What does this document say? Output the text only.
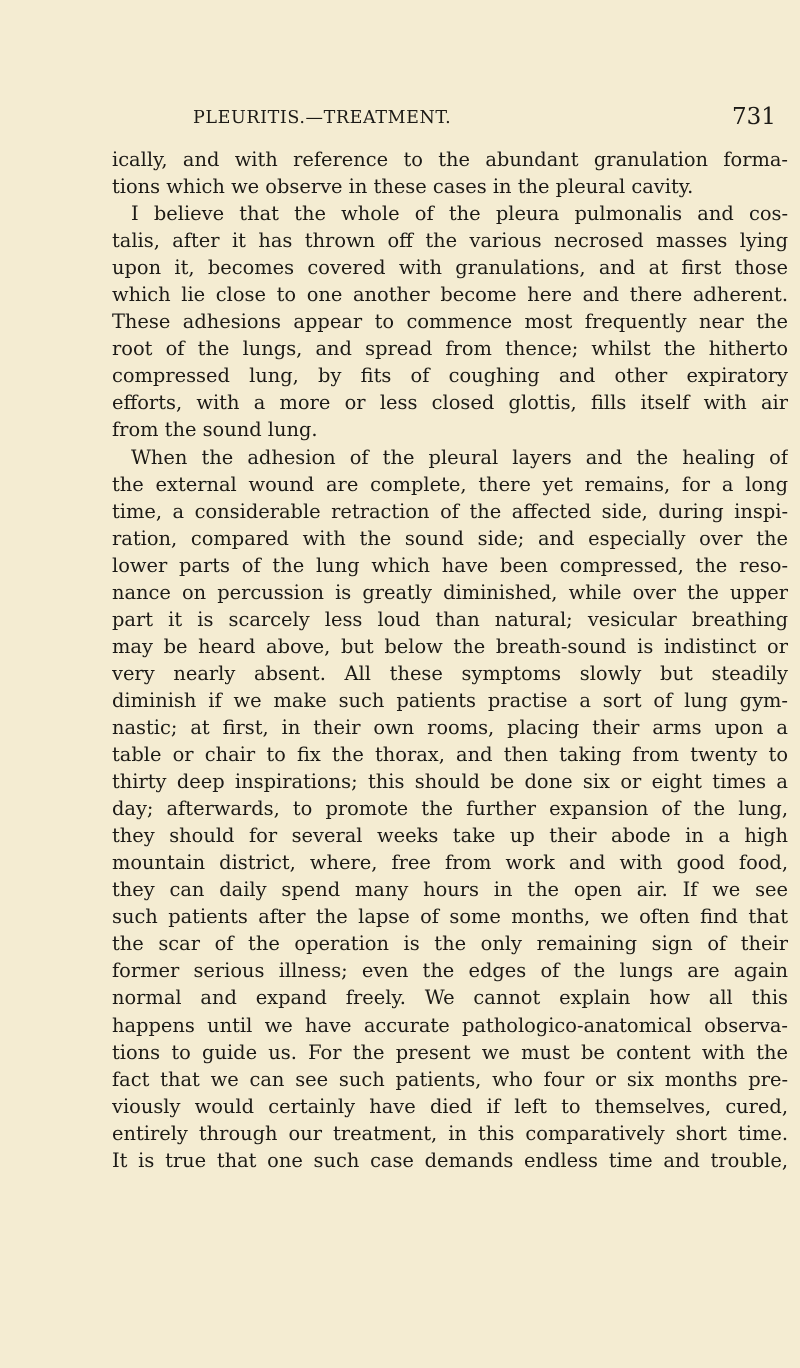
PLEURITIS.—TREATMENT.	731
ically, and with reference to the abundant granulation forma-
tions which we observe in these cases in the pleural cavity.
I believe that the whole of the pleura pulmonalis and cos-
talis, after it has thrown off the various necrosed masses lying
upon it, becomes covered with granulations, and at first those
which lie close to one another become here and there adherent.
These adhesions appear to commence most frequently near the
root of the lungs, and spread from thence; whilst the hitherto
compressed lung, by fits of coughing and other expiratory
efforts, with a more or less closed glottis, fills itself with air
from the sound lung.
When the adhesion of the pleural layers and the healing of
the external wound are complete, there yet remains, for a long
time, a considerable retraction of the affected side, during inspi-
ration, compared with the sound side; and especially over the
lower parts of the lung which have been compressed, the reso-
nance on percussion is greatly diminished, while over the upper
part it is scarcely less loud than natural; vesicular breathing
may be heard above, but below the breath-sound is indistinct or
very nearly absent. All these symptoms slowly but steadily
diminish if we make such patients practise a sort of lung gym-
nastic; at first, in their own rooms, placing their arms upon a
table or chair to fix the thorax, and then taking from twenty to
thirty deep inspirations; this should be done six or eight times a
day; afterwards, to promote the further expansion of the lung,
they should for several weeks take up their abode in a high
mountain district, where, free from work and with good food,
they can daily spend many hours in the open air. If we see
such patients after the lapse of some months, we often find that
the scar of the operation is the only remaining sign of their
former serious illness; even the edges of the lungs are again
normal and expand freely. We cannot explain how all this
happens until we have accurate pathologico-anatomical observa-
tions to guide us. For the present we must be content with the
fact that we can see such patients, who four or six months pre-
viously would certainly have died if left to themselves, cured,
entirely through our treatment, in this comparatively short time.
It is true that one such case demands endless time and trouble,
